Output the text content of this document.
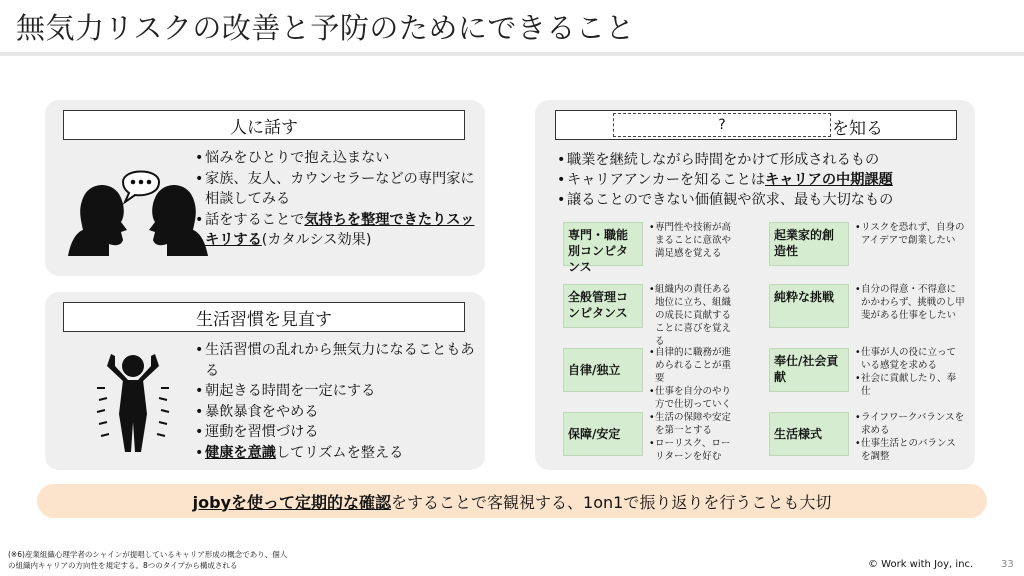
無気力リスクの改善と予防のためにできること
人に話す
• 悩みをひとりで抱え込まない
• 家族、友人、カウンセラーなどの専門家に相談してみる
• 話をすることで気持ちを整理できたりスッキリする(カタルシス効果)
生活習慣を見直す
• 生活習慣の乱れから無気力になることもある
• 朝起きる時間を一定にする
• 暴飲暴食をやめる
• 運動を習慣づける
• 健康を意識してリズムを整える
?	を知る
• 職業を継続しながら時間をかけて形成されるもの
• キャリアアンカーを知ることはキャリアの中期課題
• 譲ることのできない価値観や欲求、最も大切なもの
専門・職能別コンピタンス
• 専門性や技術が高まることに意欲や満足感を覚える
起業家的創造性
• リスクを恐れず、自身のアイデアで創業したい
全般管理コンピタンス
• 組織内の責任ある地位に立ち、組織の成長に貢献することに喜びを覚える
純粋な挑戦
• 自分の得意・不得意にかかわらず、挑戦のし甲斐がある仕事をしたい
自律/独立
• 自律的に職務が進められることが重要
• 仕事を自分のやり方で仕切っていく
奉仕/社会貢献
• 仕事が人の役に立っている感覚を求める
• 社会に貢献したり、奉仕
保障/安定
• 生活の保障や安定を第一とする
• ローリスク、ローリターンを好む
生活様式
• ライフワークバランスを求める
• 仕事生活とのバランスを調整
jobyを使って定期的な確認 をすることで客観視する、1on1で振り返りを行うことも大切
(※6)産業組織心理学者のシャインが提唱しているキャリア形成の概念であり、個人
の組織内キャリアの方向性を規定する。8つのタイプから構成される	© Work with Joy, inc.	33
